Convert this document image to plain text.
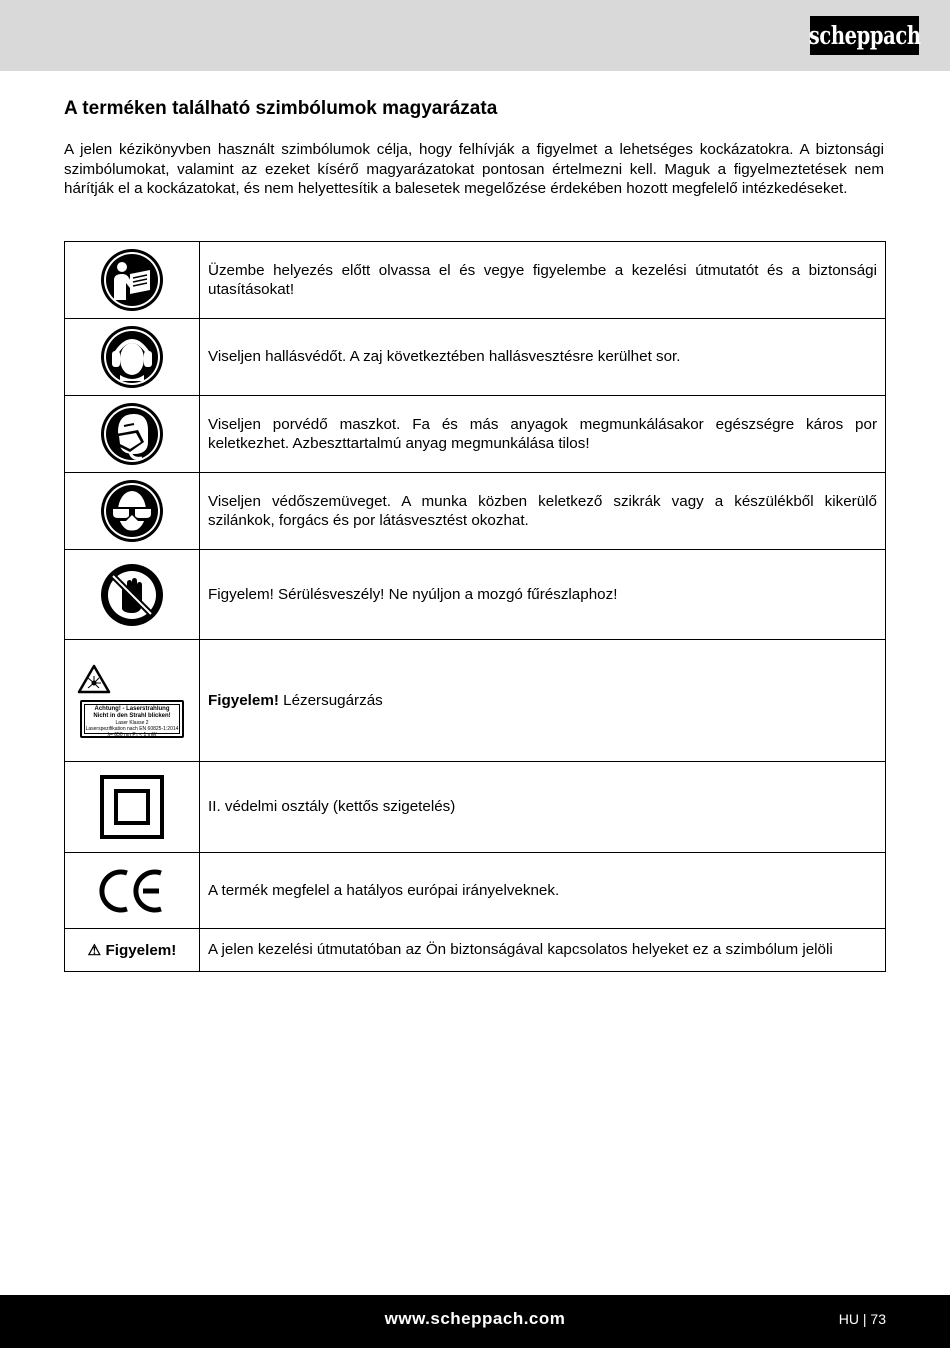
scheppach
A terméken található szimbólumok magyarázata

A jelen kézikönyvben használt szimbólumok célja, hogy felhívják a figyelmet a lehetséges kockázatokra. A biztonsági szimbólumokat, valamint az ezeket kísérő magyarázatokat pontosan értelmezni kell. Maguk a figyelmeztetések nem hárítják el a kockázatokat, és nem helyettesítik a balesetek megelőzése érdekében hozott megfelelő intézkedéseket.

	Üzembe helyezés előtt olvassa el és vegye figyelembe a kezelési útmutatót és a biztonsági utasításokat!

	Viseljen hallásvédőt. A zaj következtében hallásvesztésre kerülhet sor.

	Viseljen porvédő maszkot. Fa és más anyagok megmunkálásakor egészségre káros por keletkezhet. Azbeszttartalmú anyag megmunkálása tilos!

	Viseljen védőszemüveget. A munka közben keletkező szikrák vagy a készülékből kikerülő szilánkok, forgács és por látásvesztést okozhat.

	Figyelem! Sérülésveszély! Ne nyúljon a mozgó fűrészlaphoz!

Achtung! - Laserstrahlung
Nicht in den Strahl blicken!
Laser Klasse 2
Laserspezifikation nach EN 60825-1:2014
λ= 650 nm P₀ < 1 mW	Figyelem! Lézersugárzás

	II. védelmi osztály (kettős szigetelés)

	A termék megfelel a hatályos európai irányelveknek.
⚠ Figyelem!	A jelen kezelési útmutatóban az Ön biztonságával kapcsolatos helyeket ez a szimbólum jelöli
www.scheppach.com	HU | 73
